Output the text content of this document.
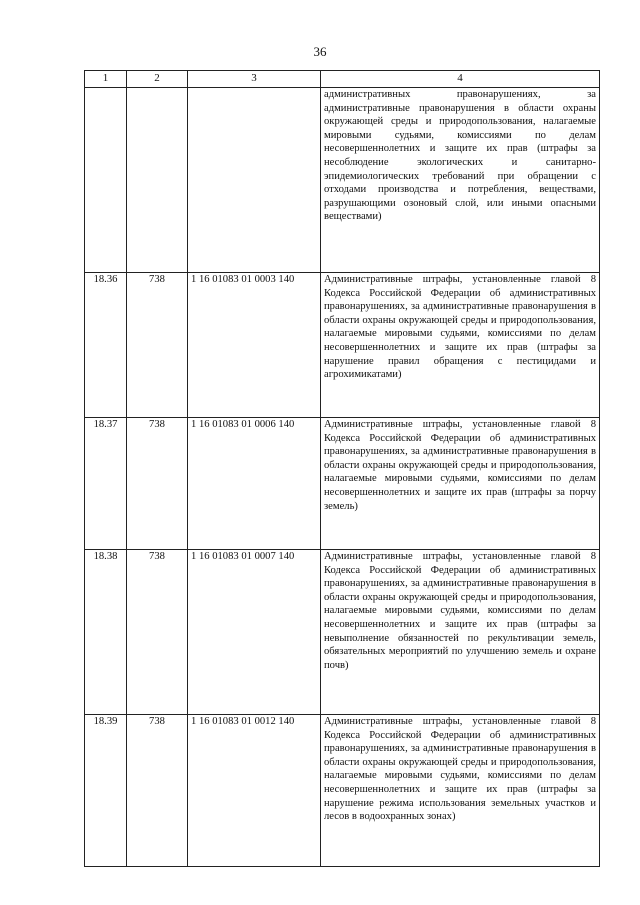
36
1	2	3	4
			административных правонарушениях, за административные правонарушения в области охраны окружающей среды и природопользования, налагаемые мировыми судьями, комиссиями по делам несовершеннолетних и защите их прав (штрафы за несоблюдение экологических и санитарно-эпидемиологических требований при обращении с отходами производства и потребления, веществами, разрушающими озоновый слой, или иными опасными веществами)
18.36	738	1 16 01083 01 0003 140	Административные штрафы, установленные главой 8 Кодекса Российской Федерации об административных правонарушениях, за административные правонарушения в области охраны окружающей среды и природопользования, налагаемые мировыми судьями, комиссиями по делам несовершеннолетних и защите их прав (штрафы за нарушение правил обращения с пестицидами и агрохимикатами)
18.37	738	1 16 01083 01 0006 140	Административные штрафы, установленные главой 8 Кодекса Российской Федерации об административных правонарушениях, за административные правонарушения в области охраны окружающей среды и природопользования, налагаемые мировыми судьями, комиссиями по делам несовершеннолетних и защите их прав (штрафы за порчу земель)
18.38	738	1 16 01083 01 0007 140	Административные штрафы, установленные главой 8 Кодекса Российской Федерации об административных правонарушениях, за административные правонарушения в области охраны окружающей среды и природопользования, налагаемые мировыми судьями, комиссиями по делам несовершеннолетних и защите их прав (штрафы за невыполнение обязанностей по рекультивации земель, обязательных мероприятий по улучшению земель и охране почв)
18.39	738	1 16 01083 01 0012 140	Административные штрафы, установленные главой 8 Кодекса Российской Федерации об административных правонарушениях, за административные правонарушения в области охраны окружающей среды и природопользования, налагаемые мировыми судьями, комиссиями по делам несовершеннолетних и защите их прав (штрафы за нарушение режима использования земельных участков и лесов в водоохранных зонах)
